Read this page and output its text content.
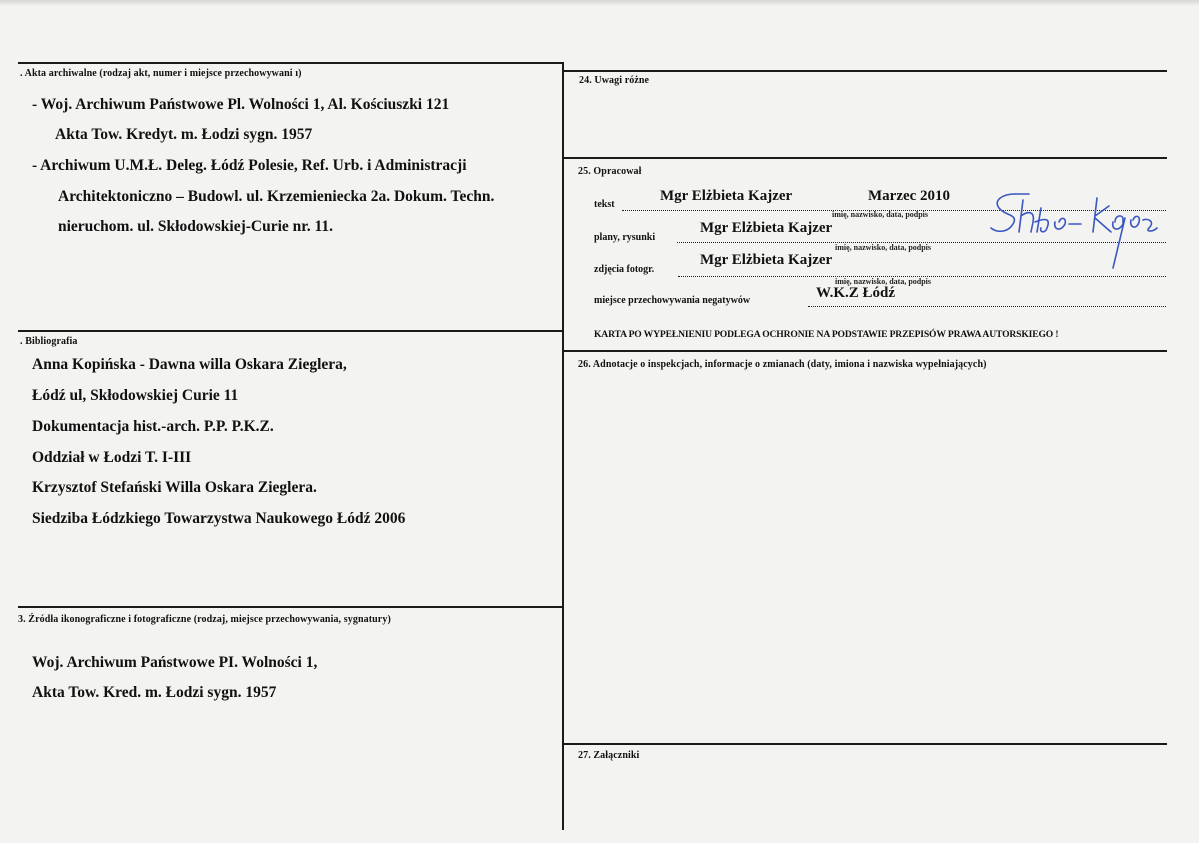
. Akta archiwalne (rodzaj akt, numer i miejsce przechowywani ı)
- Woj. Archiwum Państwowe Pl. Wolności 1, Al. Kościuszki 121
Akta Tow. Kredyt. m. Łodzi sygn. 1957
- Archiwum U.M.Ł. Deleg. Łódź Polesie, Ref. Urb. i Administracji
Architektoniczno – Budowl. ul. Krzemieniecka 2a. Dokum. Techn.
nieruchom. ul. Skłodowskiej-Curie nr. 11.
. Bibliografia
Anna Kopińska - Dawna willa Oskara Zieglera,
Łódź ul, Skłodowskiej Curie 11
Dokumentacja hist.-arch. P.P. P.K.Z.
Oddział w Łodzi T. I-III
Krzysztof Stefański Willa Oskara Zieglera.
Siedziba Łódzkiego Towarzystwa Naukowego Łódź 2006
3. Źródła ikonograficzne i fotograficzne (rodzaj, miejsce przechowywania, sygnatury)
Woj. Archiwum Państwowe PI. Wolności 1,
Akta Tow. Kred. m. Łodzi sygn. 1957
24. Uwagi różne
25. Opracował
tekst
Mgr Elżbieta Kajzer	Marzec 2010
imię, nazwisko, data, podpis
plany, rysunki
Mgr Elżbieta Kajzer
imię, nazwisko, data, podpis
zdjęcia fotogr.
Mgr Elżbieta Kajzer
imię, nazwisko, data, podpis
miejsce przechowywania negatywów	W.K.Z Łódź
KARTA PO WYPEŁNIENIU PODLEGA OCHRONIE NA PODSTAWIE PRZEPISÓW PRAWA AUTORSKIEGO !
Ehlbieta Kajzer
26. Adnotacje o inspekcjach, informacje o zmianach (daty, imiona i nazwiska wypełniających)
27. Załączniki
